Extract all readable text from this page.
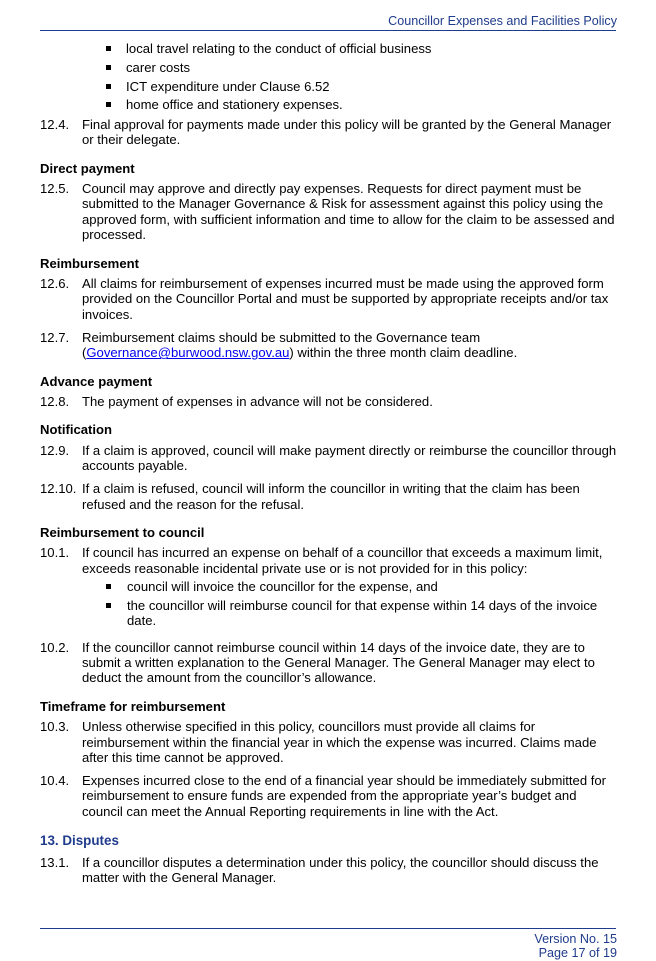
Councillor Expenses and Facilities Policy
local travel relating to the conduct of official business
carer costs
ICT expenditure under Clause 6.52
home office and stationery expenses.
12.4. Final approval for payments made under this policy will be granted by the General Manager or their delegate.
Direct payment
12.5. Council may approve and directly pay expenses. Requests for direct payment must be submitted to the Manager Governance & Risk for assessment against this policy using the approved form, with sufficient information and time to allow for the claim to be assessed and processed.
Reimbursement
12.6. All claims for reimbursement of expenses incurred must be made using the approved form provided on the Councillor Portal and must be supported by appropriate receipts and/or tax invoices.
12.7. Reimbursement claims should be submitted to the Governance team (Governance@burwood.nsw.gov.au) within the three month claim deadline.
Advance payment
12.8. The payment of expenses in advance will not be considered.
Notification
12.9. If a claim is approved, council will make payment directly or reimburse the councillor through accounts payable.
12.10. If a claim is refused, council will inform the councillor in writing that the claim has been refused and the reason for the refusal.
Reimbursement to council
10.1. If council has incurred an expense on behalf of a councillor that exceeds a maximum limit, exceeds reasonable incidental private use or is not provided for in this policy:
council will invoice the councillor for the expense, and
the councillor will reimburse council for that expense within 14 days of the invoice date.
10.2. If the councillor cannot reimburse council within 14 days of the invoice date, they are to submit a written explanation to the General Manager. The General Manager may elect to deduct the amount from the councillor’s allowance.
Timeframe for reimbursement
10.3. Unless otherwise specified in this policy, councillors must provide all claims for reimbursement within the financial year in which the expense was incurred. Claims made after this time cannot be approved.
10.4. Expenses incurred close to the end of a financial year should be immediately submitted for reimbursement to ensure funds are expended from the appropriate year’s budget and council can meet the Annual Reporting requirements in line with the Act.
13. Disputes
13.1. If a councillor disputes a determination under this policy, the councillor should discuss the matter with the General Manager.
Version No. 15
Page 17 of 19
